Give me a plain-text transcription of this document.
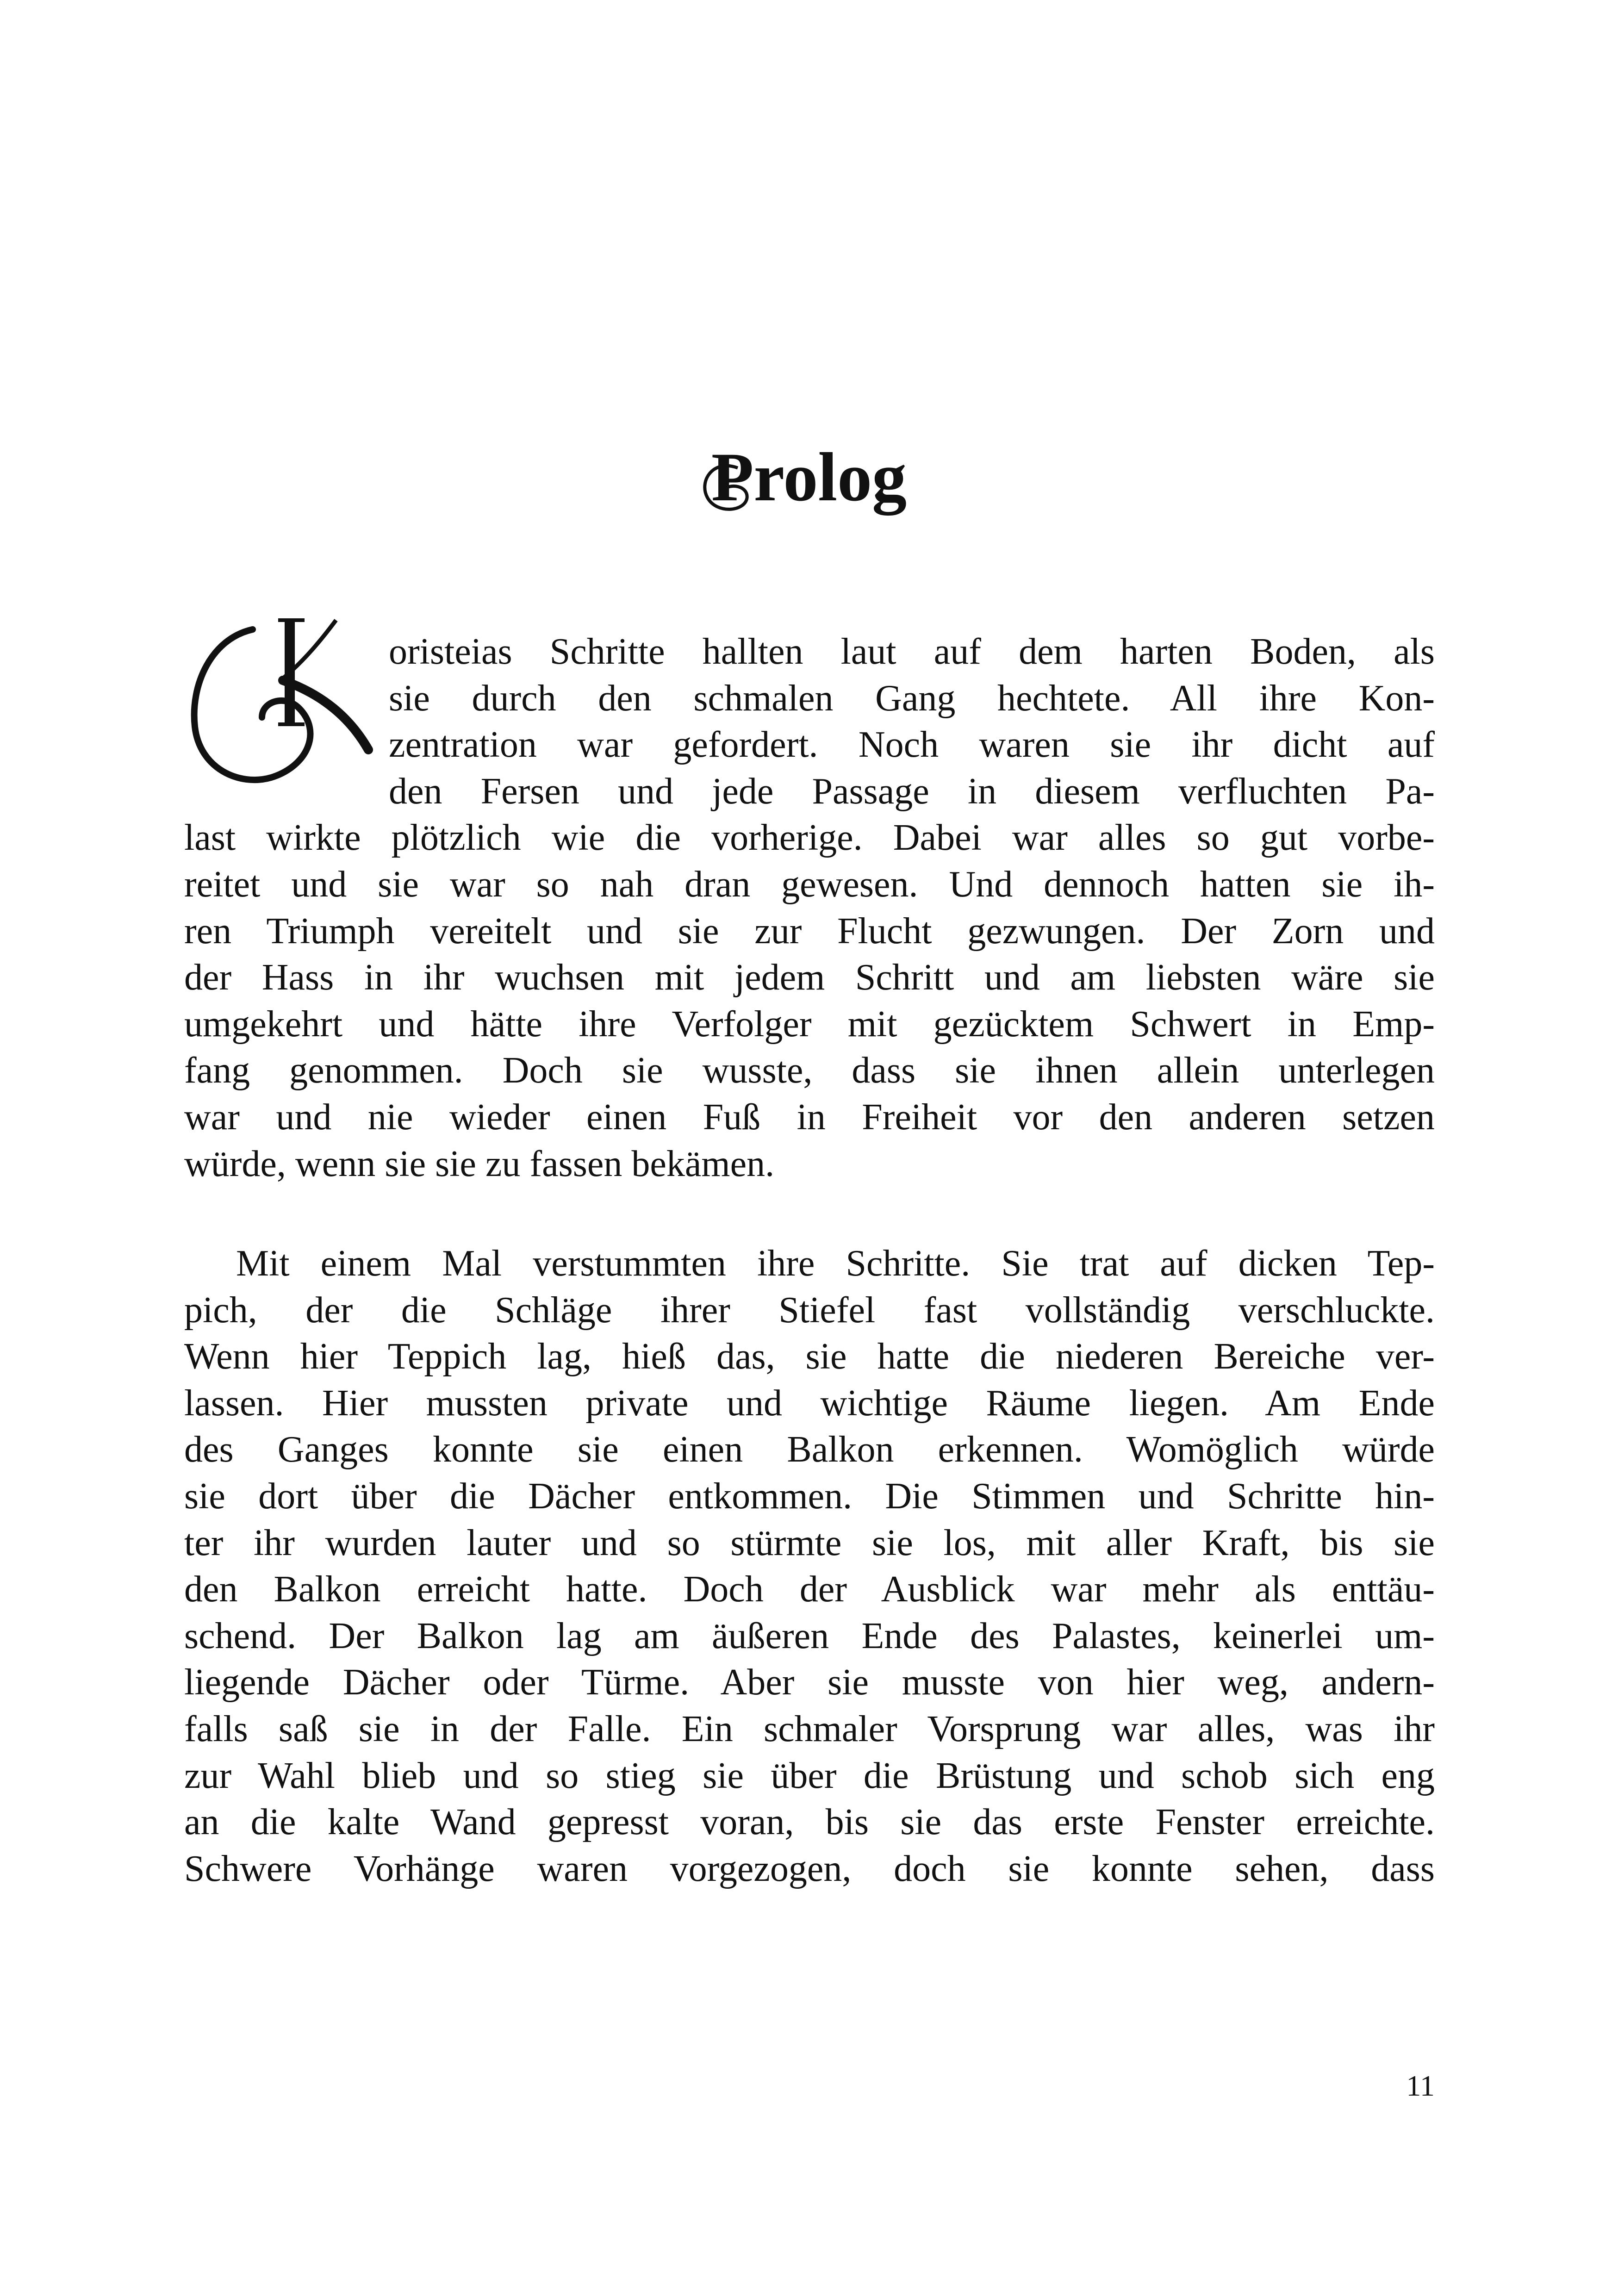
Prolog
K
oristeias Schritte hallten laut auf dem harten Boden, als
sie durch den schmalen Gang hechtete. All ihre Kon-
zentration war gefordert. Noch waren sie ihr dicht auf
den Fersen und jede Passage in diesem verfluchten Pa-
last wirkte plötzlich wie die vorherige. Dabei war alles so gut vorbe-
reitet und sie war so nah dran gewesen. Und dennoch hatten sie ih-
ren Triumph vereitelt und sie zur Flucht gezwungen. Der Zorn und
der Hass in ihr wuchsen mit jedem Schritt und am liebsten wäre sie
umgekehrt und hätte ihre Verfolger mit gezücktem Schwert in Emp-
fang genommen. Doch sie wusste, dass sie ihnen allein unterlegen
war und nie wieder einen Fuß in Freiheit vor den anderen setzen
würde, wenn sie sie zu fassen bekämen.
Mit einem Mal verstummten ihre Schritte. Sie trat auf dicken Tep-
pich, der die Schläge ihrer Stiefel fast vollständig verschluckte.
Wenn hier Teppich lag, hieß das, sie hatte die niederen Bereiche ver-
lassen. Hier mussten private und wichtige Räume liegen. Am Ende
des Ganges konnte sie einen Balkon erkennen. Womöglich würde
sie dort über die Dächer entkommen. Die Stimmen und Schritte hin-
ter ihr wurden lauter und so stürmte sie los, mit aller Kraft, bis sie
den Balkon erreicht hatte. Doch der Ausblick war mehr als enttäu-
schend. Der Balkon lag am äußeren Ende des Palastes, keinerlei um-
liegende Dächer oder Türme. Aber sie musste von hier weg, andern-
falls saß sie in der Falle. Ein schmaler Vorsprung war alles, was ihr
zur Wahl blieb und so stieg sie über die Brüstung und schob sich eng
an die kalte Wand gepresst voran, bis sie das erste Fenster erreichte.
Schwere Vorhänge waren vorgezogen, doch sie konnte sehen, dass
11
